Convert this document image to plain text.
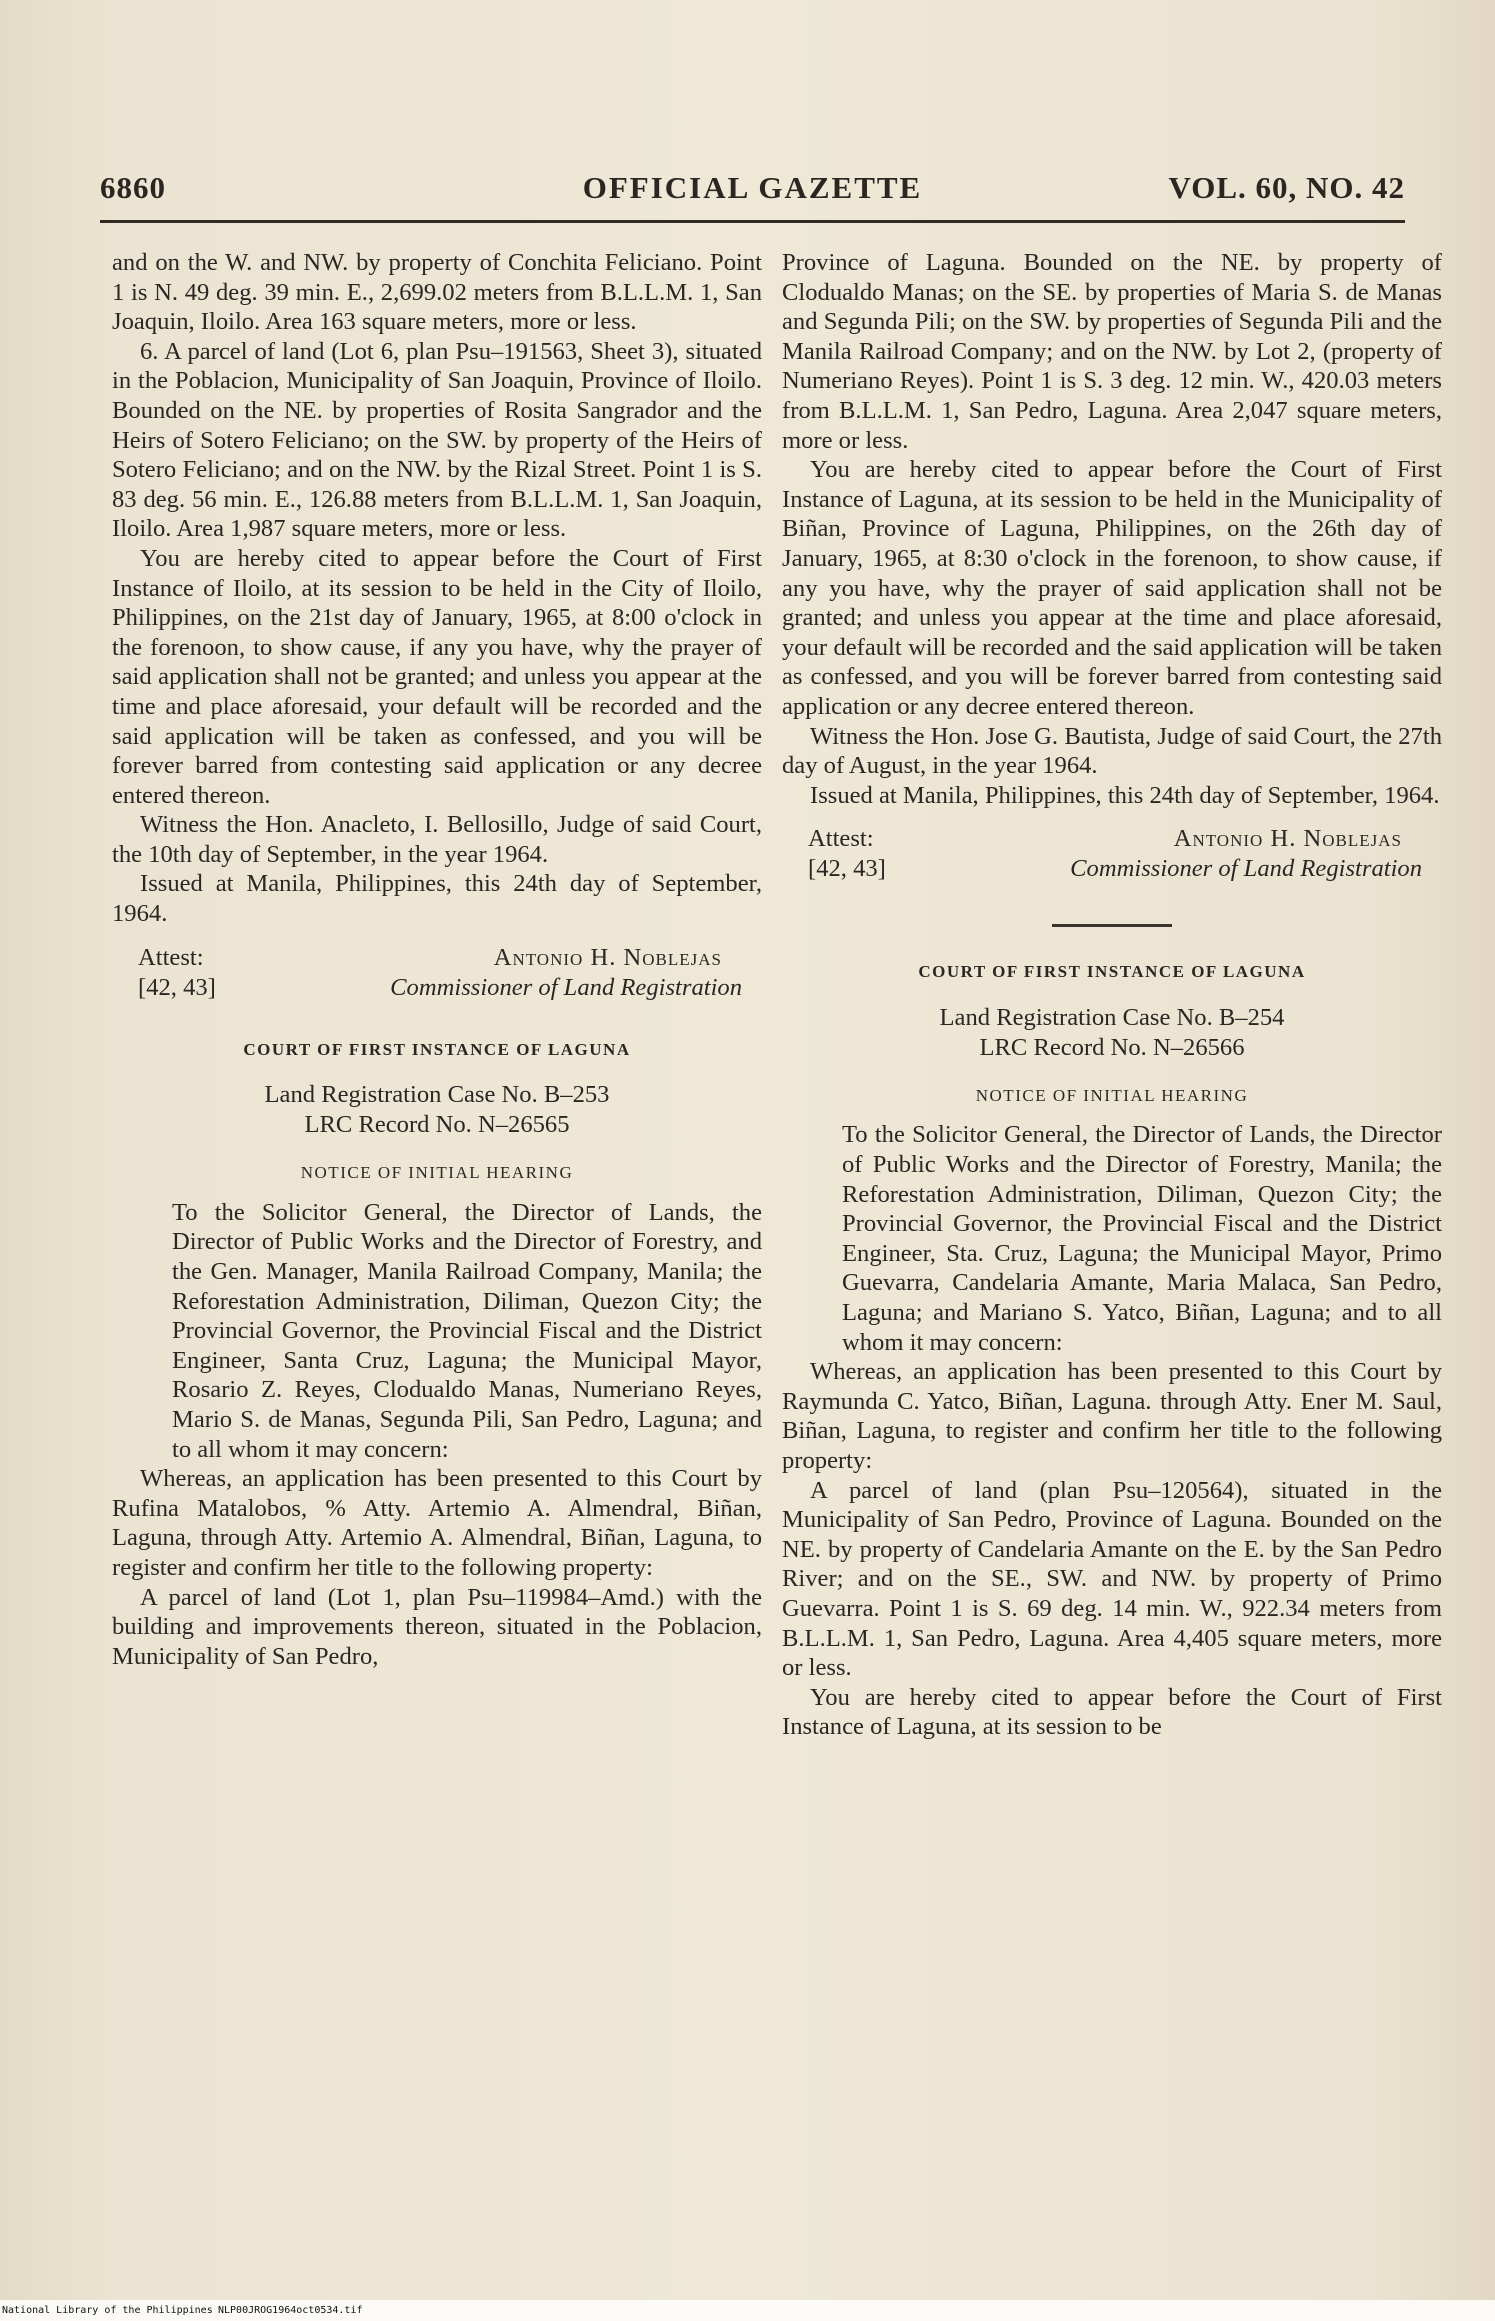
6860	OFFICIAL GAZETTE	VOL. 60, NO. 42

and on the W. and NW. by property of Conchita Feliciano. Point 1 is N. 49 deg. 39 min. E., 2,699.02 meters from B.L.L.M. 1, San Joaquin, Iloilo. Area 163 square meters, more or less.

6. A parcel of land (Lot 6, plan Psu–191563, Sheet 3), situated in the Poblacion, Municipality of San Joaquin, Province of Iloilo. Bounded on the NE. by properties of Rosita Sangrador and the Heirs of Sotero Feliciano; on the SW. by property of the Heirs of Sotero Feliciano; and on the NW. by the Rizal Street. Point 1 is S. 83 deg. 56 min. E., 126.88 meters from B.L.L.M. 1, San Joaquin, Iloilo. Area 1,987 square meters, more or less.

You are hereby cited to appear before the Court of First Instance of Iloilo, at its session to be held in the City of Iloilo, Philippines, on the 21st day of January, 1965, at 8:00 o'clock in the forenoon, to show cause, if any you have, why the prayer of said application shall not be granted; and unless you appear at the time and place aforesaid, your default will be recorded and the said application will be taken as confessed, and you will be forever barred from contesting said application or any decree entered thereon.

Witness the Hon. Anacleto, I. Bellosillo, Judge of said Court, the 10th day of September, in the year 1964.

Issued at Manila, Philippines, this 24th day of September, 1964.

Attest:
[42, 43]
Antonio H. Noblejas
Commissioner of Land Registration
COURT OF FIRST INSTANCE OF LAGUNA
Land Registration Case No. B–253
LRC Record No. N–26565
NOTICE OF INITIAL HEARING

To the Solicitor General, the Director of Lands, the Director of Public Works and the Director of Forestry, and the Gen. Manager, Manila Railroad Company, Manila; the Reforestation Administration, Diliman, Quezon City; the Provincial Governor, the Provincial Fiscal and the District Engineer, Santa Cruz, Laguna; the Municipal Mayor, Rosario Z. Reyes, Clodualdo Manas, Numeriano Reyes, Mario S. de Manas, Segunda Pili, San Pedro, Laguna; and to all whom it may concern:

Whereas, an application has been presented to this Court by Rufina Matalobos, % Atty. Artemio A. Almendral, Biñan, Laguna, through Atty. Artemio A. Almendral, Biñan, Laguna, to register and confirm her title to the following property:

A parcel of land (Lot 1, plan Psu–119984–Amd.) with the building and improvements thereon, situated in the Poblacion, Municipality of San Pedro,

Province of Laguna. Bounded on the NE. by property of Clodualdo Manas; on the SE. by properties of Maria S. de Manas and Segunda Pili; on the SW. by properties of Segunda Pili and the Manila Railroad Company; and on the NW. by Lot 2, (property of Numeriano Reyes). Point 1 is S. 3 deg. 12 min. W., 420.03 meters from B.L.L.M. 1, San Pedro, Laguna. Area 2,047 square meters, more or less.

You are hereby cited to appear before the Court of First Instance of Laguna, at its session to be held in the Municipality of Biñan, Province of Laguna, Philippines, on the 26th day of January, 1965, at 8:30 o'clock in the forenoon, to show cause, if any you have, why the prayer of said application shall not be granted; and unless you appear at the time and place aforesaid, your default will be recorded and the said application will be taken as confessed, and you will be forever barred from contesting said application or any decree entered thereon.

Witness the Hon. Jose G. Bautista, Judge of said Court, the 27th day of August, in the year 1964.

Issued at Manila, Philippines, this 24th day of September, 1964.

Attest:
[42, 43]
Antonio H. Noblejas
Commissioner of Land Registration
COURT OF FIRST INSTANCE OF LAGUNA
Land Registration Case No. B–254
LRC Record No. N–26566
NOTICE OF INITIAL HEARING

To the Solicitor General, the Director of Lands, the Director of Public Works and the Director of Forestry, Manila; the Reforestation Administration, Diliman, Quezon City; the Provincial Governor, the Provincial Fiscal and the District Engineer, Sta. Cruz, Laguna; the Municipal Mayor, Primo Guevarra, Candelaria Amante, Maria Malaca, San Pedro, Laguna; and Mariano S. Yatco, Biñan, Laguna; and to all whom it may concern:

Whereas, an application has been presented to this Court by Raymunda C. Yatco, Biñan, Laguna. through Atty. Ener M. Saul, Biñan, Laguna, to register and confirm her title to the following property:

A parcel of land (plan Psu–120564), situated in the Municipality of San Pedro, Province of Laguna. Bounded on the NE. by property of Candelaria Amante on the E. by the San Pedro River; and on the SE., SW. and NW. by property of Primo Guevarra. Point 1 is S. 69 deg. 14 min. W., 922.34 meters from B.L.L.M. 1, San Pedro, Laguna. Area 4,405 square meters, more or less.

You are hereby cited to appear before the Court of First Instance of Laguna, at its session to be

National Library of the Philippines NLP00JROG1964oct0534.tif
